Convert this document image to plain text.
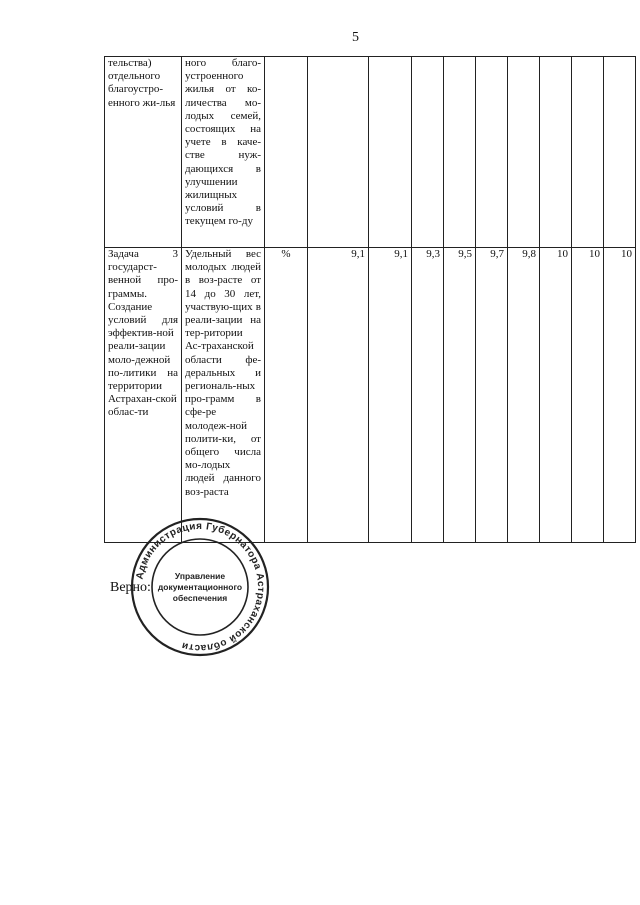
5
тельства) отдельного благоустро-енного жи-лья	ного благо-устроенного жилья от ко-личества мо-лодых семей, состоящих на учете в каче-стве нуж-дающихся в улучшении жилищных условий в текущем го-ду										
Задача 3 государст-венной про-граммы. Создание условий для эффектив-ной реали-зации моло-дежной по-литики на территории Астрахан-ской облас-ти	Удельный вес молодых людей в воз-расте от 14 до 30 лет, участвую-щих в реали-зации на тер-ритории Ас-траханской области фе-деральных и региональ-ных про-грамм в сфе-ре молодеж-ной полити-ки, от общего числа мо-лодых людей данного воз-раста	%	9,1	9,1	9,3	9,5	9,7	9,8	10	10	10
Верно:
Администрация Губернатора Астраханской области
Управление
документационного
обеспечения
